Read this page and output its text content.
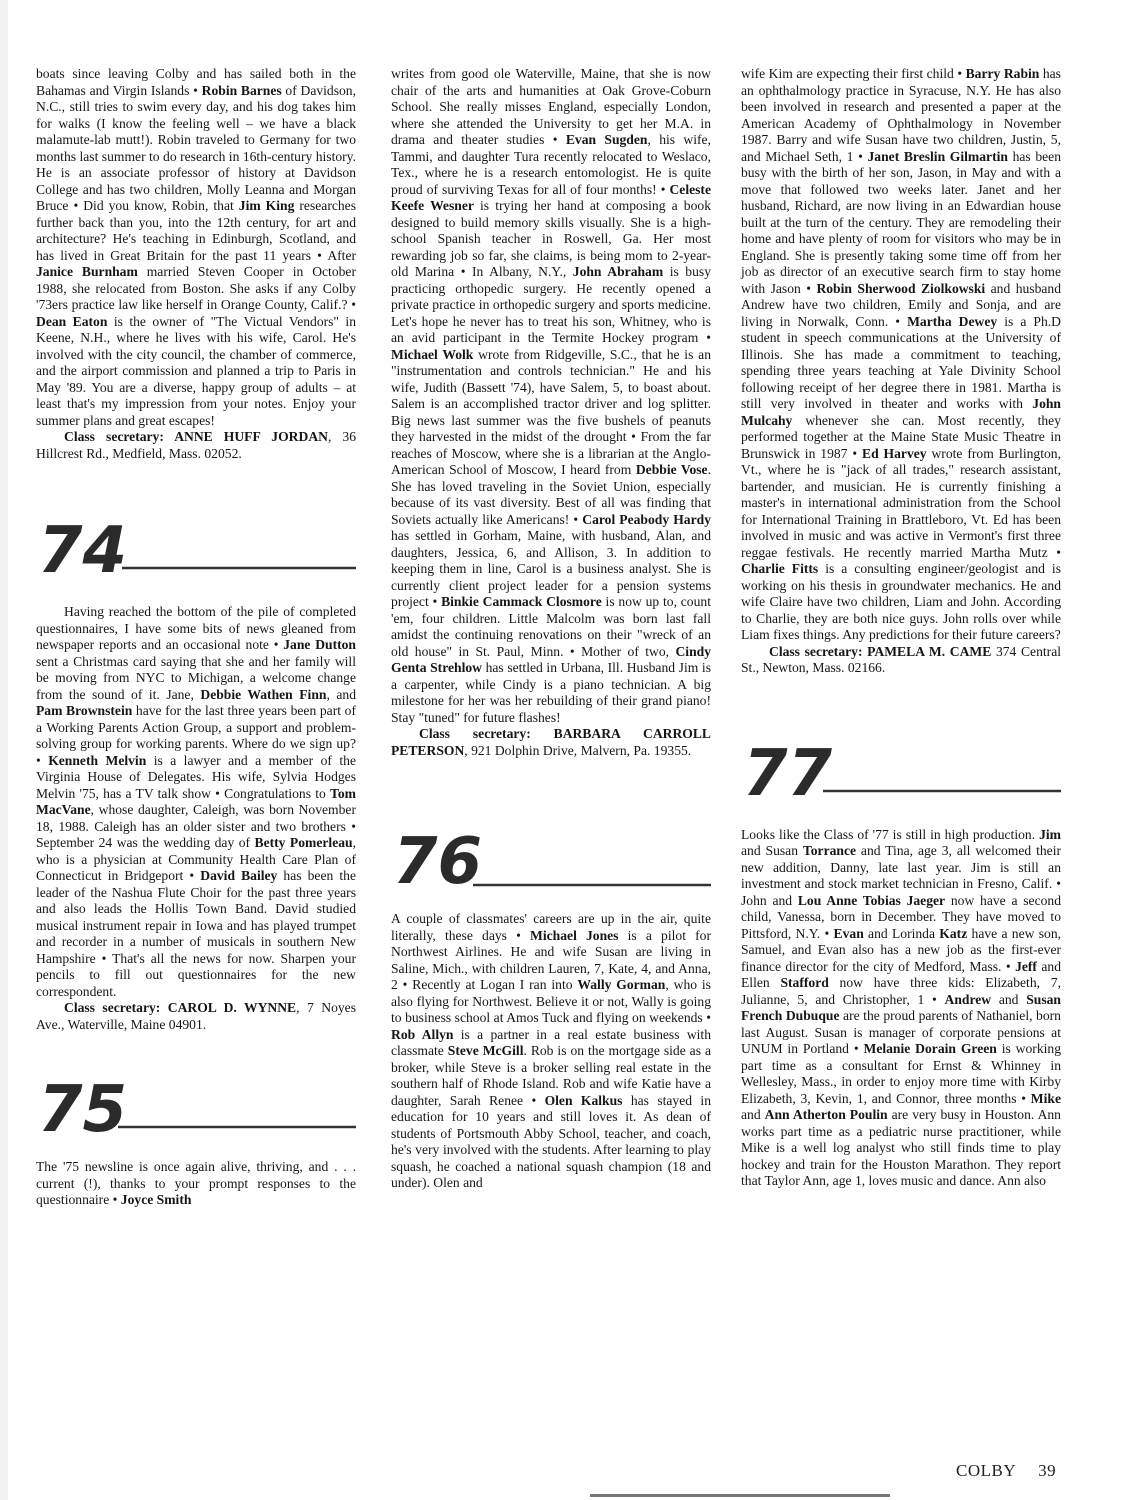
boats since leaving Colby and has sailed both in the Bahamas and Virgin Islands • Robin Barnes of Davidson, N.C., still tries to swim every day, and his dog takes him for walks (I know the feeling well – we have a black malamute-lab mutt!). Robin traveled to Germany for two months last summer to do research in 16th-century history. He is an associate professor of history at Davidson College and has two children, Molly Leanna and Morgan Bruce • Did you know, Robin, that Jim King researches further back than you, into the 12th century, for art and architecture? He's teaching in Edinburgh, Scotland, and has lived in Great Britain for the past 11 years • After Janice Burnham married Steven Cooper in October 1988, she relocated from Boston. She asks if any Colby '73ers practice law like herself in Orange County, Calif.? • Dean Eaton is the owner of "The Victual Vendors" in Keene, N.H., where he lives with his wife, Carol. He's involved with the city council, the chamber of commerce, and the airport commission and planned a trip to Paris in May '89. You are a diverse, happy group of adults – at least that's my impression from your notes. Enjoy your summer plans and great escapes!

Class secretary: ANNE HUFF JORDAN, 36 Hillcrest Rd., Medfield, Mass. 02052.

74

Having reached the bottom of the pile of completed questionnaires, I have some bits of news gleaned from newspaper reports and an occasional note • Jane Dutton sent a Christmas card saying that she and her family will be moving from NYC to Michigan, a welcome change from the sound of it. Jane, Debbie Wathen Finn, and Pam Brownstein have for the last three years been part of a Working Parents Action Group, a support and problem-solving group for working parents. Where do we sign up? • Kenneth Melvin is a lawyer and a member of the Virginia House of Delegates. His wife, Sylvia Hodges Melvin '75, has a TV talk show • Congratulations to Tom MacVane, whose daughter, Caleigh, was born November 18, 1988. Caleigh has an older sister and two brothers • September 24 was the wedding day of Betty Pomerleau, who is a physician at Community Health Care Plan of Connecticut in Bridgeport • David Bailey has been the leader of the Nashua Flute Choir for the past three years and also leads the Hollis Town Band. David studied musical instrument repair in Iowa and has played trumpet and recorder in a number of musicals in southern New Hampshire • That's all the news for now. Sharpen your pencils to fill out questionnaires for the new correspondent.

Class secretary: CAROL D. WYNNE, 7 Noyes Ave., Waterville, Maine 04901.

75

The '75 newsline is once again alive, thriving, and . . . current (!), thanks to your prompt responses to the questionnaire • Joyce Smith

writes from good ole Waterville, Maine, that she is now chair of the arts and humanities at Oak Grove-Coburn School. She really misses England, especially London, where she attended the University to get her M.A. in drama and theater studies • Evan Sugden, his wife, Tammi, and daughter Tura recently relocated to Weslaco, Tex., where he is a research entomologist. He is quite proud of surviving Texas for all of four months! • Celeste Keefe Wesner is trying her hand at composing a book designed to build memory skills visually. She is a high-school Spanish teacher in Roswell, Ga. Her most rewarding job so far, she claims, is being mom to 2-year-old Marina • In Albany, N.Y., John Abraham is busy practicing orthopedic surgery. He recently opened a private practice in orthopedic surgery and sports medicine. Let's hope he never has to treat his son, Whitney, who is an avid participant in the Termite Hockey program • Michael Wolk wrote from Ridgeville, S.C., that he is an "instrumentation and controls technician." He and his wife, Judith (Bassett '74), have Salem, 5, to boast about. Salem is an accomplished tractor driver and log splitter. Big news last summer was the five bushels of peanuts they harvested in the midst of the drought • From the far reaches of Moscow, where she is a librarian at the Anglo-American School of Moscow, I heard from Debbie Vose. She has loved traveling in the Soviet Union, especially because of its vast diversity. Best of all was finding that Soviets actually like Americans! • Carol Peabody Hardy has settled in Gorham, Maine, with husband, Alan, and daughters, Jessica, 6, and Allison, 3. In addition to keeping them in line, Carol is a business analyst. She is currently client project leader for a pension systems project • Binkie Cammack Closmore is now up to, count 'em, four children. Little Malcolm was born last fall amidst the continuing renovations on their "wreck of an old house" in St. Paul, Minn. • Mother of two, Cindy Genta Strehlow has settled in Urbana, Ill. Husband Jim is a carpenter, while Cindy is a piano technician. A big milestone for her was her rebuilding of their grand piano! Stay "tuned" for future flashes!

Class secretary: BARBARA CARROLL PETERSON, 921 Dolphin Drive, Malvern, Pa. 19355.

76

A couple of classmates' careers are up in the air, quite literally, these days • Michael Jones is a pilot for Northwest Airlines. He and wife Susan are living in Saline, Mich., with children Lauren, 7, Kate, 4, and Anna, 2 • Recently at Logan I ran into Wally Gorman, who is also flying for Northwest. Believe it or not, Wally is going to business school at Amos Tuck and flying on weekends • Rob Allyn is a partner in a real estate business with classmate Steve McGill. Rob is on the mortgage side as a broker, while Steve is a broker selling real estate in the southern half of Rhode Island. Rob and wife Katie have a daughter, Sarah Renee • Olen Kalkus has stayed in education for 10 years and still loves it. As dean of students of Portsmouth Abby School, teacher, and coach, he's very involved with the students. After learning to play squash, he coached a national squash champion (18 and under). Olen and

wife Kim are expecting their first child • Barry Rabin has an ophthalmology practice in Syracuse, N.Y. He has also been involved in research and presented a paper at the American Academy of Ophthalmology in November 1987. Barry and wife Susan have two children, Justin, 5, and Michael Seth, 1 • Janet Breslin Gilmartin has been busy with the birth of her son, Jason, in May and with a move that followed two weeks later. Janet and her husband, Richard, are now living in an Edwardian house built at the turn of the century. They are remodeling their home and have plenty of room for visitors who may be in England. She is presently taking some time off from her job as director of an executive search firm to stay home with Jason • Robin Sherwood Ziolkowski and husband Andrew have two children, Emily and Sonja, and are living in Norwalk, Conn. • Martha Dewey is a Ph.D student in speech communications at the University of Illinois. She has made a commitment to teaching, spending three years teaching at Yale Divinity School following receipt of her degree there in 1981. Martha is still very involved in theater and works with John Mulcahy whenever she can. Most recently, they performed together at the Maine State Music Theatre in Brunswick in 1987 • Ed Harvey wrote from Burlington, Vt., where he is "jack of all trades," research assistant, bartender, and musician. He is currently finishing a master's in international administration from the School for International Training in Brattleboro, Vt. Ed has been involved in music and was active in Vermont's first three reggae festivals. He recently married Martha Mutz • Charlie Fitts is a consulting engineer/geologist and is working on his thesis in groundwater mechanics. He and wife Claire have two children, Liam and John. According to Charlie, they are both nice guys. John rolls over while Liam fixes things. Any predictions for their future careers?

Class secretary: PAMELA M. CAME 374 Central St., Newton, Mass. 02166.

77

Looks like the Class of '77 is still in high production. Jim and Susan Torrance and Tina, age 3, all welcomed their new addition, Danny, late last year. Jim is still an investment and stock market technician in Fresno, Calif. • John and Lou Anne Tobias Jaeger now have a second child, Vanessa, born in December. They have moved to Pittsford, N.Y. • Evan and Lorinda Katz have a new son, Samuel, and Evan also has a new job as the first-ever finance director for the city of Medford, Mass. • Jeff and Ellen Stafford now have three kids: Elizabeth, 7, Julianne, 5, and Christopher, 1 • Andrew and Susan French Dubuque are the proud parents of Nathaniel, born last August. Susan is manager of corporate pensions at UNUM in Portland • Melanie Dorain Green is working part time as a consultant for Ernst & Whinney in Wellesley, Mass., in order to enjoy more time with Kirby Elizabeth, 3, Kevin, 1, and Connor, three months • Mike and Ann Atherton Poulin are very busy in Houston. Ann works part time as a pediatric nurse practitioner, while Mike is a well log analyst who still finds time to play hockey and train for the Houston Marathon. They report that Taylor Ann, age 1, loves music and dance. Ann also

COLBY 39
